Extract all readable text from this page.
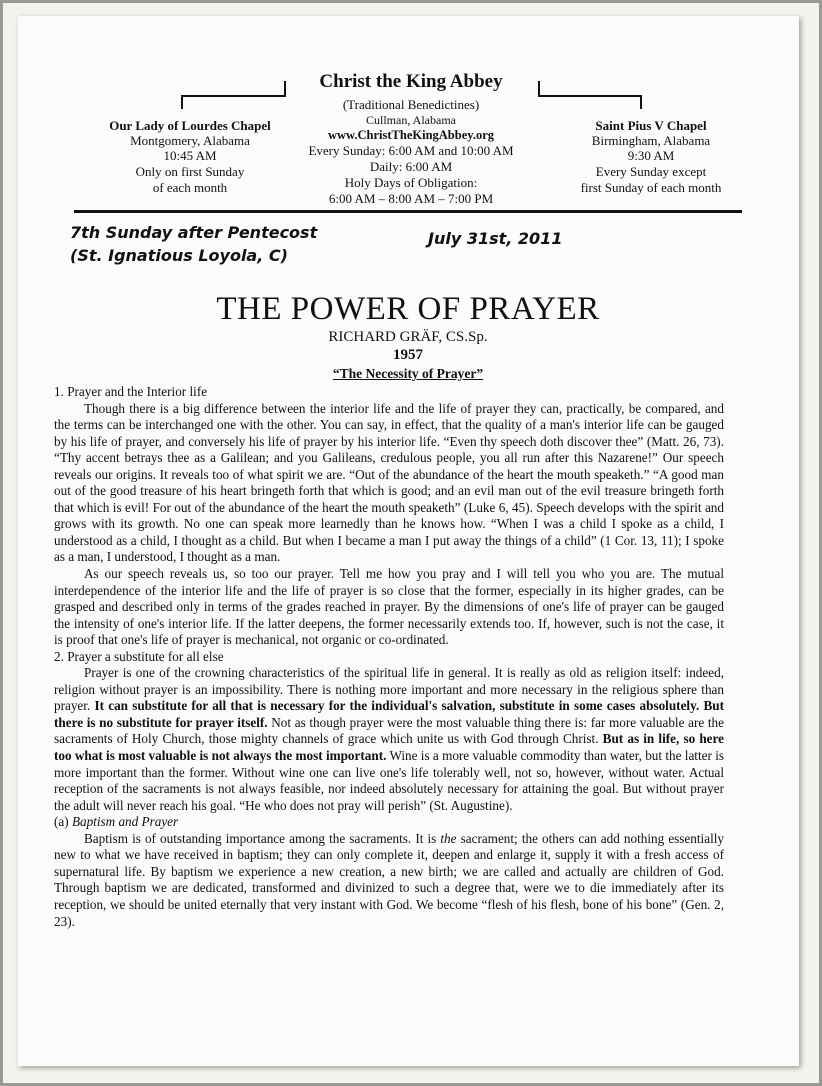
Our Lady of Lourdes Chapel
Montgomery, Alabama
10:45 AM
Only on first Sunday
of each month
Christ the King Abbey
(Traditional Benedictines)
Cullman, Alabama
www.ChristTheKingAbbey.org
Every Sunday: 6:00 AM and 10:00 AM
Daily: 6:00 AM
Holy Days of Obligation:
6:00 AM – 8:00 AM – 7:00 PM
Saint Pius V Chapel
Birmingham, Alabama
9:30 AM
Every Sunday except
first Sunday of each month
7th Sunday after Pentecost
(St. Ignatious Loyola, C)
July 31st, 2011
THE POWER OF PRAYER
RICHARD GRÄF, CS.Sp.
1957
“The Necessity of Prayer”

1. Prayer and the Interior life

Though there is a big difference between the interior life and the life of prayer they can, practically, be compared, and the terms can be interchanged one with the other. You can say, in effect, that the quality of a man's interior life can be gauged by his life of prayer, and conversely his life of prayer by his interior life. “Even thy speech doth discover thee” (Matt. 26, 73). “Thy accent betrays thee as a Galilean; and you Galileans, credulous people, you all run after this Nazarene!” Our speech reveals our origins. It reveals too of what spirit we are. “Out of the abundance of the heart the mouth speaketh.” “A good man out of the good treasure of his heart bringeth forth that which is good; and an evil man out of the evil treasure bringeth forth that which is evil! For out of the abundance of the heart the mouth speaketh” (Luke 6, 45). Speech develops with the spirit and grows with its growth. No one can speak more learnedly than he knows how. “When I was a child I spoke as a child, I understood as a child, I thought as a child. But when I became a man I put away the things of a child” (1 Cor. 13, 11); I spoke as a man, I understood, I thought as a man.

As our speech reveals us, so too our prayer. Tell me how you pray and I will tell you who you are. The mutual interdependence of the interior life and the life of prayer is so close that the former, especially in its higher grades, can be grasped and described only in terms of the grades reached in prayer. By the dimensions of one's life of prayer can be gauged the intensity of one's interior life. If the latter deepens, the former necessarily extends too. If, however, such is not the case, it is proof that one's life of prayer is mechanical, not organic or co-ordinated.

2. Prayer a substitute for all else

Prayer is one of the crowning characteristics of the spiritual life in general. It is really as old as religion itself: indeed, religion without prayer is an impossibility. There is nothing more important and more necessary in the religious sphere than prayer. It can substitute for all that is necessary for the individual's salvation, substitute in some cases absolutely. But there is no substitute for prayer itself. Not as though prayer were the most valuable thing there is: far more valuable are the sacraments of Holy Church, those mighty channels of grace which unite us with God through Christ. But as in life, so here too what is most valuable is not always the most important. Wine is a more valuable commodity than water, but the latter is more important than the former. Without wine one can live one's life tolerably well, not so, however, without water. Actual reception of the sacraments is not always feasible, nor indeed absolutely necessary for attaining the goal. But without prayer the adult will never reach his goal. “He who does not pray will perish” (St. Augustine).

(a) Baptism and Prayer

Baptism is of outstanding importance among the sacraments. It is the sacrament; the others can add nothing essentially new to what we have received in baptism; they can only complete it, deepen and enlarge it, supply it with a fresh access of supernatural life. By baptism we experience a new creation, a new birth; we are called and actually are children of God. Through baptism we are dedicated, transformed and divinized to such a degree that, were we to die immediately after its reception, we should be united eternally that very instant with God. We become “flesh of his flesh, bone of his bone” (Gen. 2, 23).
